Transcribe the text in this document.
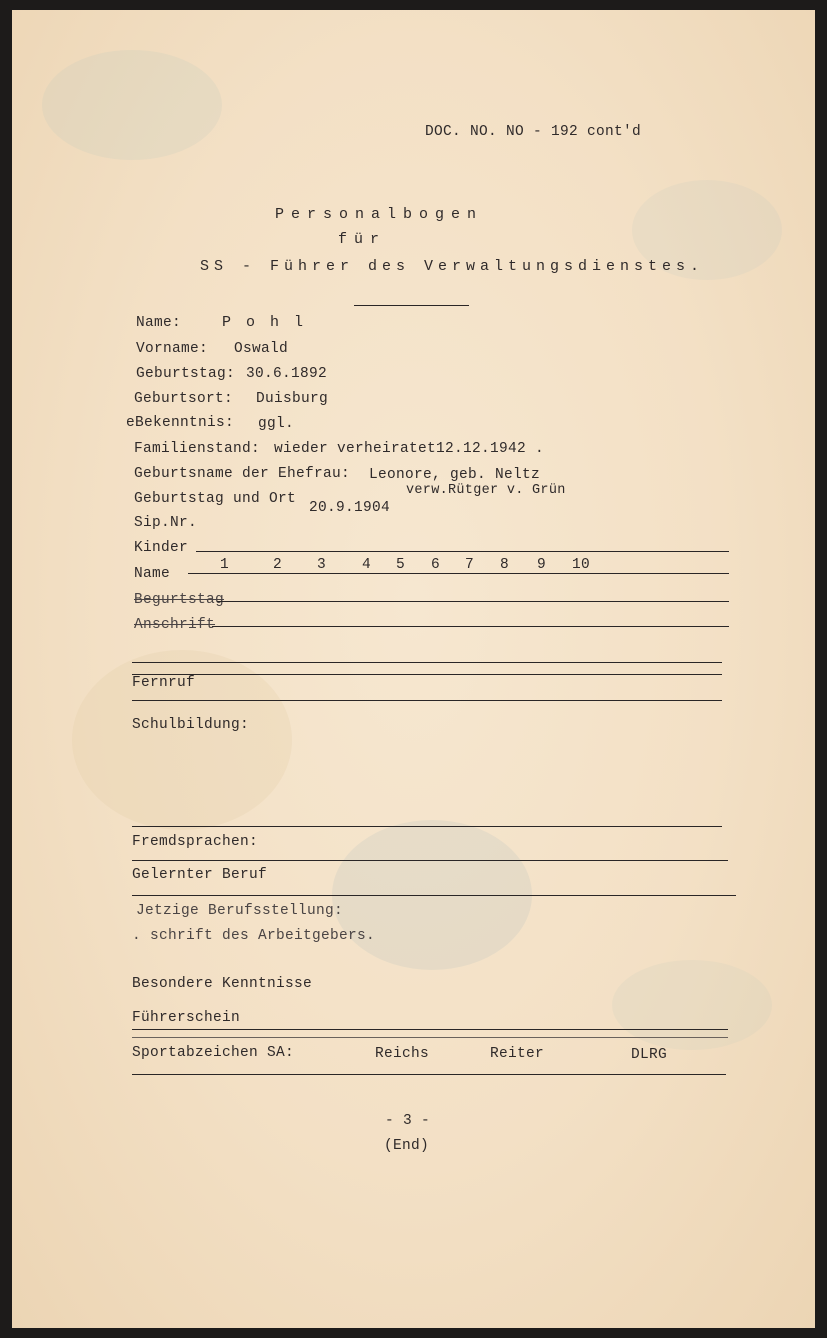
DOC. NO. NO - 192 cont'd
Personalbogen
für
SS - Führer des Verwaltungsdienstes.
Name:	P o h l
Vorname: Oswald
Geburtstag: 30.6.1892
Geburtsort: Duisburg
eBekenntnis: ggl.
Familienstand: wieder verheiratet12.12.1942 .
Geburtsname der Ehefrau: Leonore, geb. Neltz
verw.Rütger v. Grün
Geburtstag und Ort
20.9.1904
Sip.Nr.
Kinder
Name
1	2 3 4 5 6 7 8 9 10
Begurtstag
Anschrift
Fernruf
Schulbildung:
Fremdsprachen:
Gelernter Beruf
Jetzige Berufsstellung:
. schrift des Arbeitgebers.
Besondere Kenntnisse
Führerschein
Sportabzeichen SA:	Reichs	Reiter	DLRG
- 3 -
(End)
